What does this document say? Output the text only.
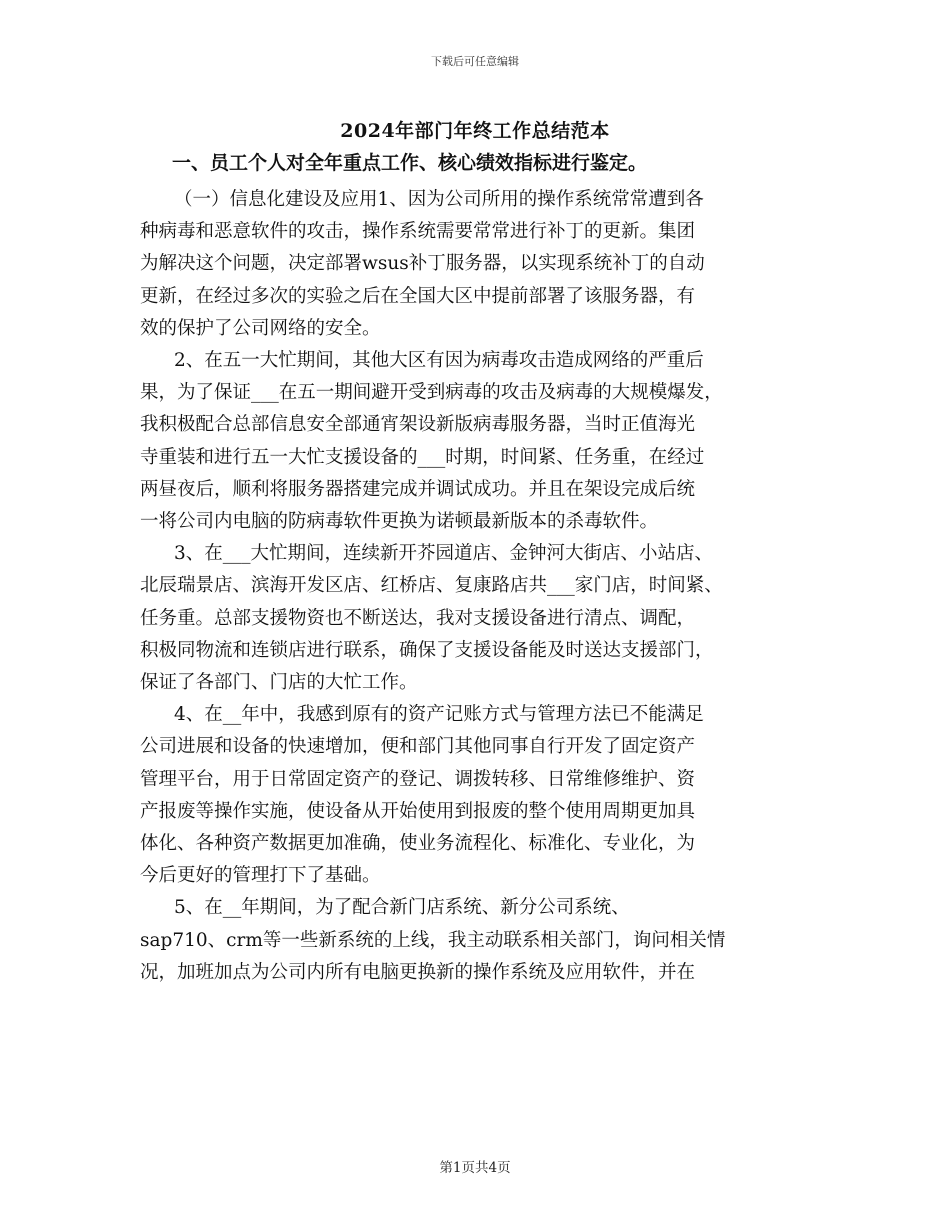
下载后可任意编辑
2024年部门年终工作总结范本
一、员工个人对全年重点工作、核心绩效指标进行鉴定。

（一）信息化建设及应用1、因为公司所用的操作系统常常遭到各
种病毒和恶意软件的攻击，操作系统需要常常进行补丁的更新。集团
为解决这个问题，决定部署wsus补丁服务器，以实现系统补丁的自动
更新，在经过多次的实验之后在全国大区中提前部署了该服务器，有
效的保护了公司网络的安全。

2、在五一大忙期间，其他大区有因为病毒攻击造成网络的严重后
果，为了保证___在五一期间避开受到病毒的攻击及病毒的大规模爆发，
我积极配合总部信息安全部通宵架设新版病毒服务器，当时正值海光
寺重装和进行五一大忙支援设备的___时期，时间紧、任务重，在经过
两昼夜后，顺利将服务器搭建完成并调试成功。并且在架设完成后统
一将公司内电脑的防病毒软件更换为诺顿最新版本的杀毒软件。

3、在___大忙期间，连续新开芥园道店、金钟河大街店、小站店、
北辰瑞景店、滨海开发区店、红桥店、复康路店共___家门店，时间紧、
任务重。总部支援物资也不断送达，我对支援设备进行清点、调配，
积极同物流和连锁店进行联系，确保了支援设备能及时送达支援部门，
保证了各部门、门店的大忙工作。

4、在__年中，我感到原有的资产记账方式与管理方法已不能满足
公司进展和设备的快速增加，便和部门其他同事自行开发了固定资产
管理平台，用于日常固定资产的登记、调拨转移、日常维修维护、资
产报废等操作实施，使设备从开始使用到报废的整个使用周期更加具
体化、各种资产数据更加准确，使业务流程化、标准化、专业化，为
今后更好的管理打下了基础。

5、在__年期间，为了配合新门店系统、新分公司系统、
sap710、crm等一些新系统的上线，我主动联系相关部门，询问相关情
况，加班加点为公司内所有电脑更换新的操作系统及应用软件，并在

第1页共4页
